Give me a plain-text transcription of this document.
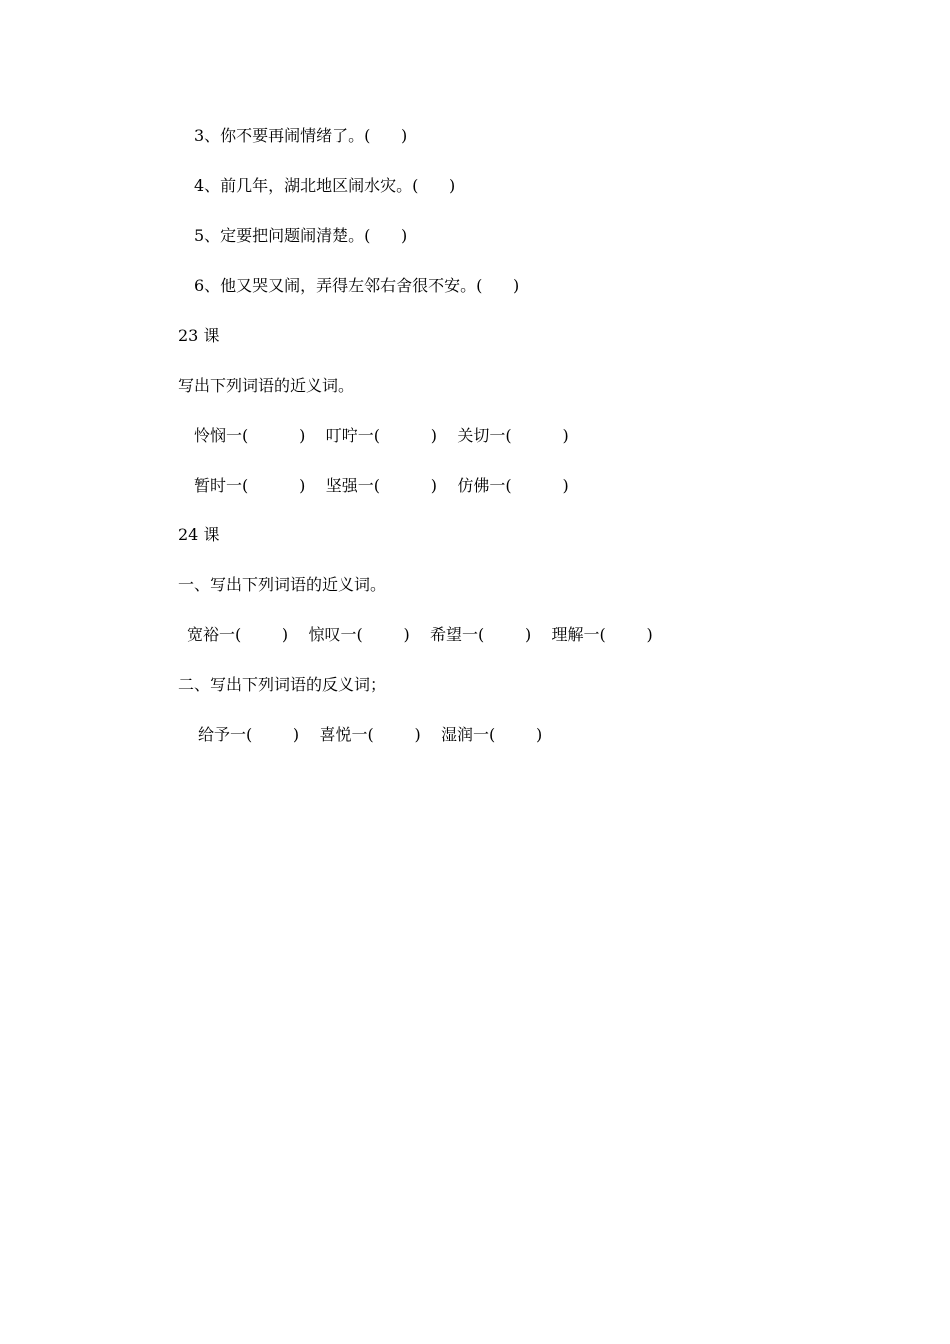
3、你不要再闹情绪了。(      )
4、前几年，湖北地区闹水灾。(      )
5、定要把问题闹清楚。(      )
6、他又哭又闹，弄得左邻右舍很不安。(      )
23 课
写出下列词语的近义词。
怜悯一(          )    叮咛一(          )    关切一(          )
暂时一(          )    坚强一(          )    仿佛一(          )
24 课
一、写出下列词语的近义词。
宽裕一(        )    惊叹一(        )    希望一(        )    理解一(        )
二、写出下列词语的反义词；
给予一(        )    喜悦一(        )    湿润一(        )
